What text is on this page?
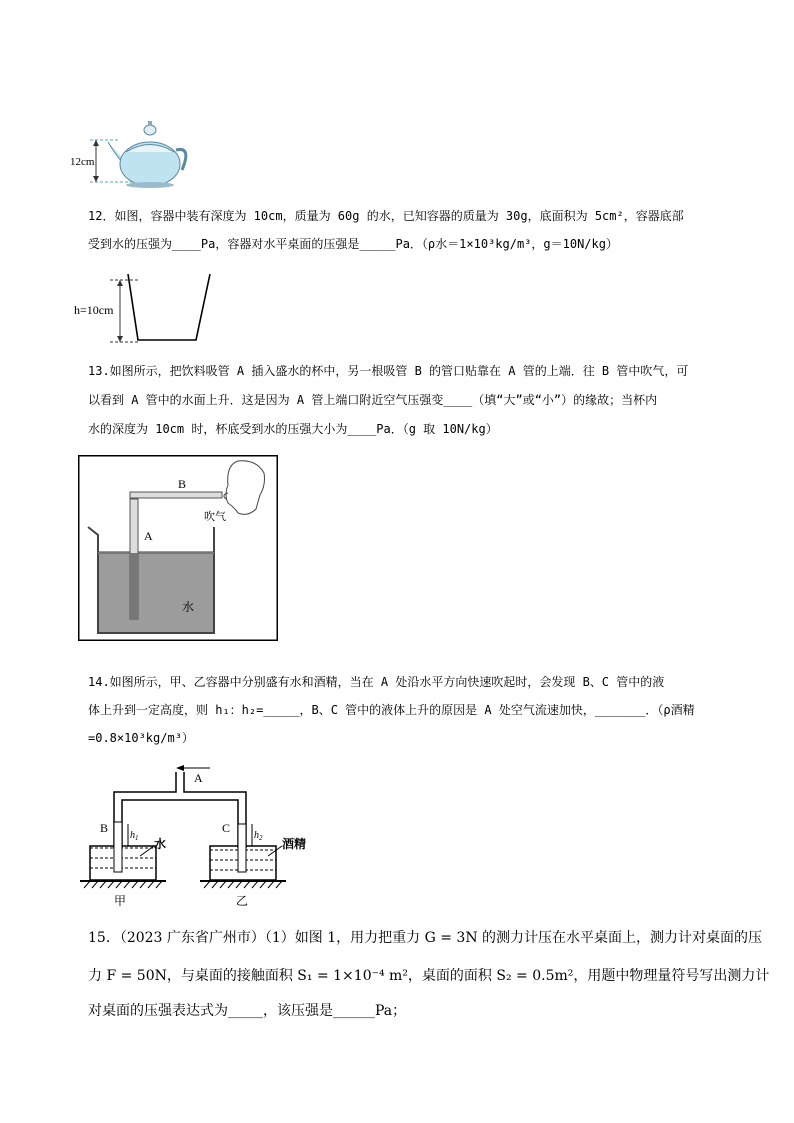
12cm
12．如图，容器中装有深度为 10cm，质量为 60g 的水，已知容器的质量为 30g，底面积为 5cm²，容器底部
受到水的压强为____Pa，容器对水平桌面的压强是_____Pa．（ρ水＝1×10³kg/m³，g＝10N/kg）
h=10cm
13.如图所示，把饮料吸管 A 插入盛水的杯中，另一根吸管 B 的管口贴靠在 A 管的上端．往 B 管中吹气，可
以看到 A 管中的水面上升．这是因为 A 管上端口附近空气压强变____（填“大”或“小”）的缘故；当杯内
水的深度为 10cm 时，杯底受到水的压强大小为____Pa．（g 取 10N/kg）
B
A
吹气
水
14.如图所示，甲、乙容器中分别盛有水和酒精，当在 A 处沿水平方向快速吹起时，会发现 B、C 管中的液
体上升到一定高度，则 h₁：h₂=_____，B、C 管中的液体上升的原因是 A 处空气流速加快，_______．（ρ酒精
=0.8×10³kg/m³）
A
B	C
$h_1$	$h_2$
水	酒精
甲	乙
15．（2023 广东省广州市）（1）如图 1，用力把重力 G = 3N 的测力计压在水平桌面上，测力计对桌面的压
力 F = 50N，与桌面的接触面积 S₁ = 1×10⁻⁴ m²，桌面的面积 S₂ = 0.5m²，用题中物理量符号写出测力计
对桌面的压强表达式为_____，该压强是______Pa；
